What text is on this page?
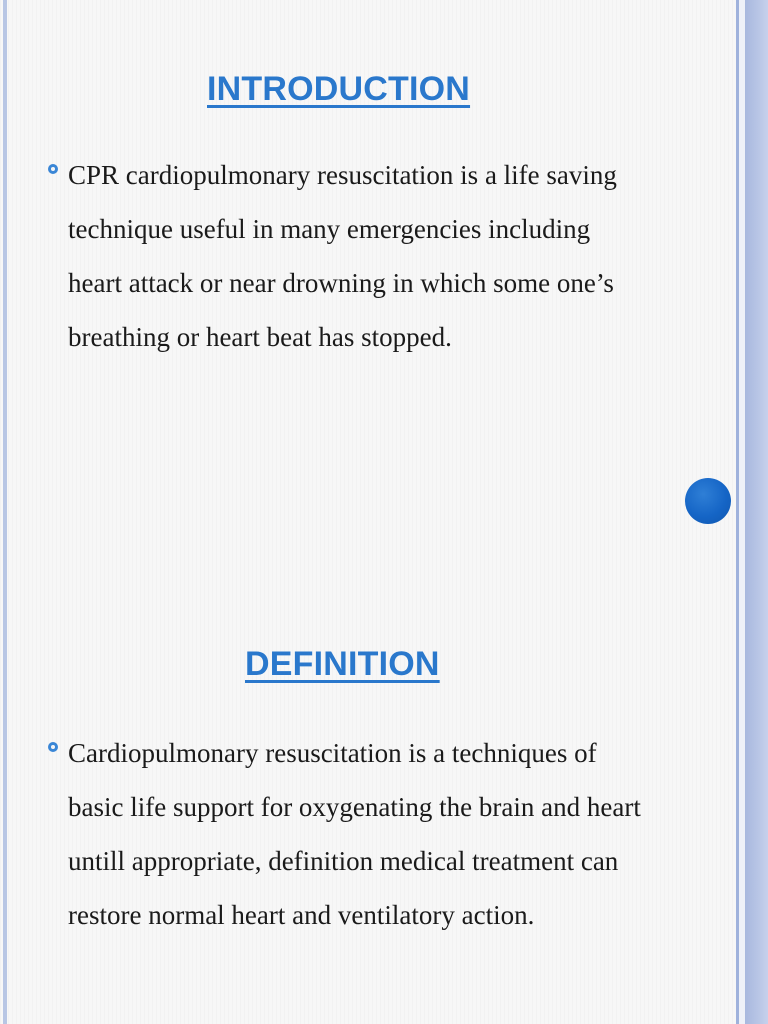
INTRODUCTION

CPR cardiopulmonary resuscitation is a life saving

technique useful in many emergencies including

heart attack or near drowning in which some one’s

breathing or heart beat has stopped.

DEFINITION

Cardiopulmonary resuscitation is a techniques of

basic life support for oxygenating the brain and heart

untill appropriate, definition medical treatment can

restore normal heart and ventilatory action.
